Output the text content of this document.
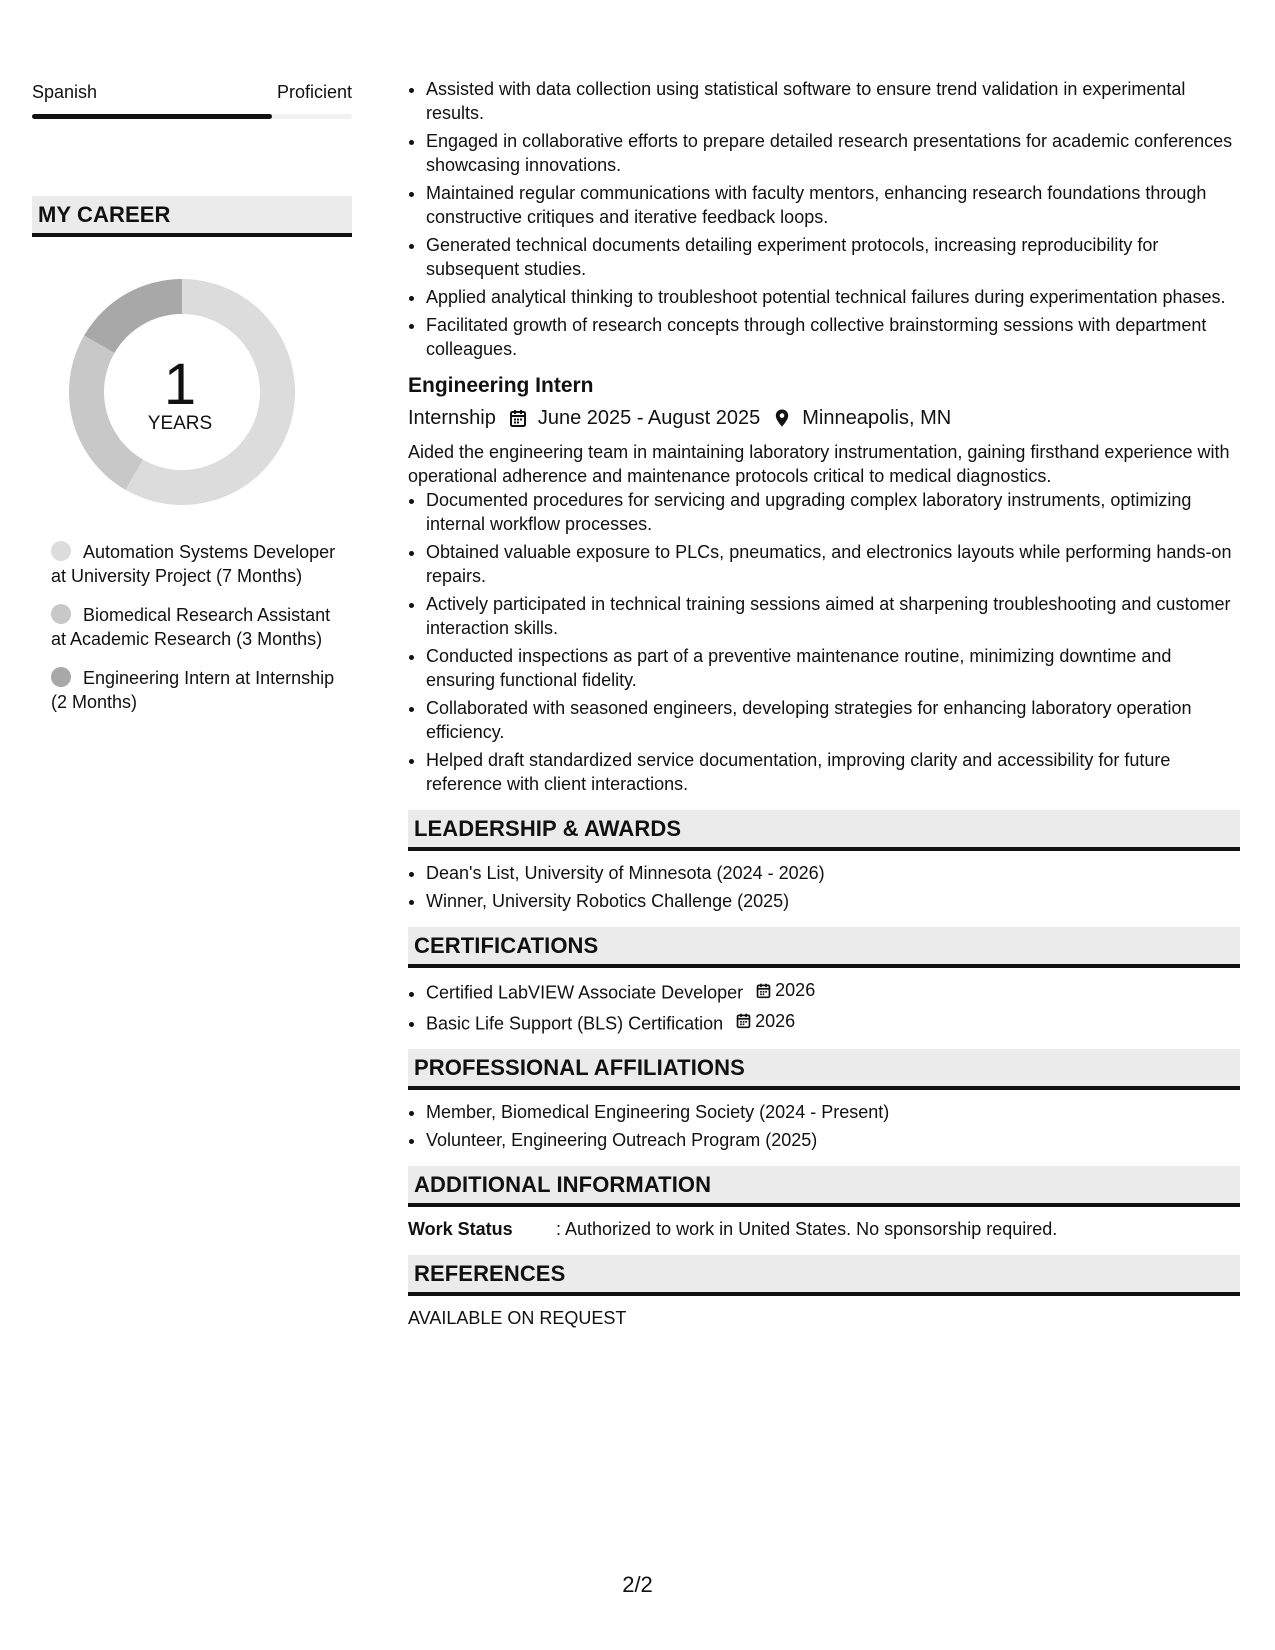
Spanish	Proficient
MY CAREER
1
YEARS
Automation Systems Developer at University Project (7 Months)
Biomedical Research Assistant at Academic Research (3 Months)
Engineering Intern at Internship (2 Months)
• Assisted with data collection using statistical software to ensure trend validation in experimental results.
• Engaged in collaborative efforts to prepare detailed research presentations for academic conferences showcasing innovations.
• Maintained regular communications with faculty mentors, enhancing research foundations through constructive critiques and iterative feedback loops.
• Generated technical documents detailing experiment protocols, increasing reproducibility for subsequent studies.
• Applied analytical thinking to troubleshoot potential technical failures during experimentation phases.
• Facilitated growth of research concepts through collective brainstorming sessions with department colleagues.
Engineering Intern
Internship June 2025 - August 2025 Minneapolis, MN
Aided the engineering team in maintaining laboratory instrumentation, gaining firsthand experience with operational adherence and maintenance protocols critical to medical diagnostics.
• Documented procedures for servicing and upgrading complex laboratory instruments, optimizing internal workflow processes.
• Obtained valuable exposure to PLCs, pneumatics, and electronics layouts while performing hands-on repairs.
• Actively participated in technical training sessions aimed at sharpening troubleshooting and customer interaction skills.
• Conducted inspections as part of a preventive maintenance routine, minimizing downtime and ensuring functional fidelity.
• Collaborated with seasoned engineers, developing strategies for enhancing laboratory operation efficiency.
• Helped draft standardized service documentation, improving clarity and accessibility for future reference with client interactions.
LEADERSHIP & AWARDS
• Dean's List, University of Minnesota (2024 - 2026)
• Winner, University Robotics Challenge (2025)
CERTIFICATIONS
• Certified LabVIEW Associate Developer 2026
• Basic Life Support (BLS) Certification 2026
PROFESSIONAL AFFILIATIONS
• Member, Biomedical Engineering Society (2024 - Present)
• Volunteer, Engineering Outreach Program (2025)
ADDITIONAL INFORMATION
Work Status	: Authorized to work in United States. No sponsorship required.
REFERENCES
AVAILABLE ON REQUEST
2/2
